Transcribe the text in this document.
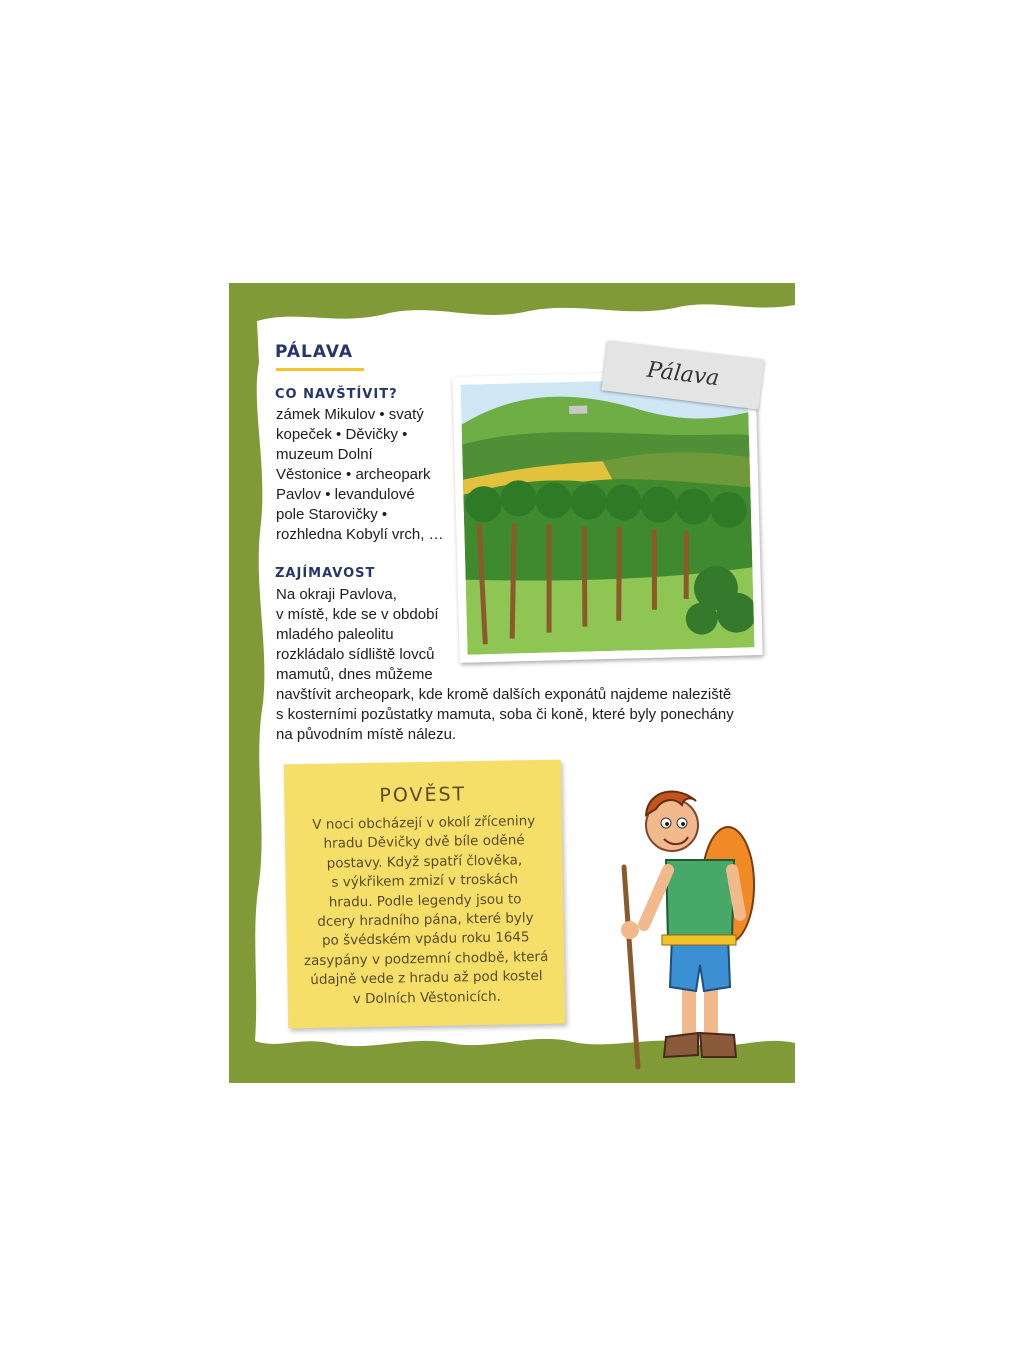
PÁLAVA
CO NAVŠTÍVIT?
zámek Mikulov • svatý
kopeček • Děvičky •
muzeum Dolní
Věstonice • archeopark
Pavlov • levandulové
pole Starovičky •
rozhledna Kobylí vrch, …
ZAJÍMAVOST
Na okraji Pavlova,
v místě, kde se v období
mladého paleolitu
rozkládalo sídliště lovců
mamutů, dnes můžeme
navštívit archeopark, kde kromě dalších exponátů najdeme naleziště
s kosterními pozůstatky mamuta, soba či koně, které byly ponechány
na původním místě nálezu.
Pálava
POVĚST
V noci obcházejí v okolí zříceniny
hradu Děvičky dvě bíle oděné
postavy. Když spatří člověka,
s výkřikem zmizí v troskách
hradu. Podle legendy jsou to
dcery hradního pána, které byly
po švédském vpádu roku 1645
zasypány v podzemní chodbě, která
údajně vede z hradu až pod kostel
v Dolních Věstonicích.
